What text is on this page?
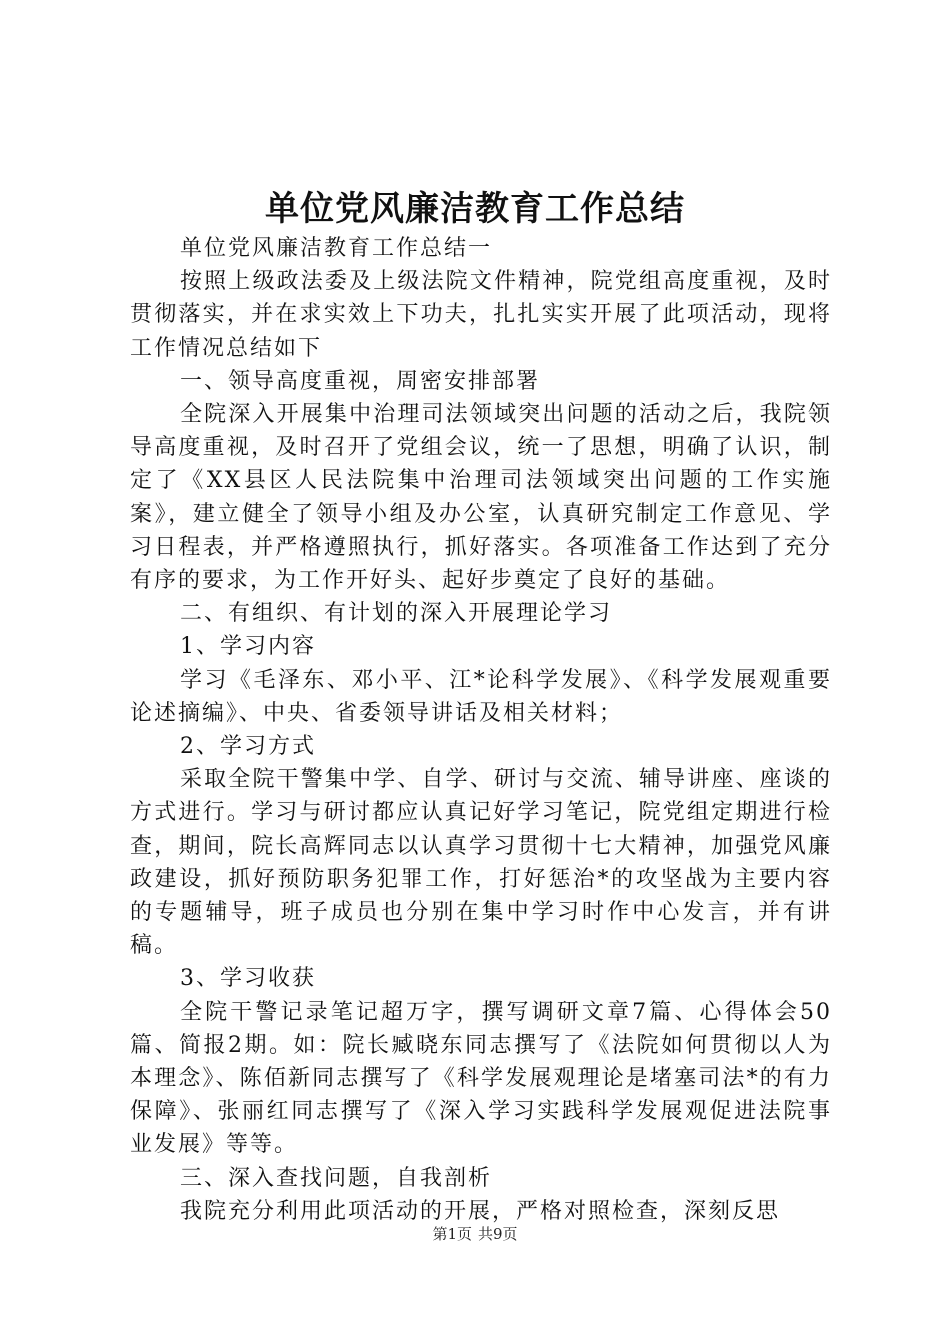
单位党风廉洁教育工作总结

单位党风廉洁教育工作总结一

按照上级政法委及上级法院文件精神，院党组高度重视，及时贯彻落实，并在求实效上下功夫，扎扎实实开展了此项活动，现将工作情况总结如下

一、领导高度重视，周密安排部署

全院深入开展集中治理司法领域突出问题的活动之后，我院领导高度重视，及时召开了党组会议，统一了思想，明确了认识，制定了《XX县区人民法院集中治理司法领域突出问题的工作实施案》，建立健全了领导小组及办公室，认真研究制定工作意见、学习日程表，并严格遵照执行，抓好落实。各项准备工作达到了充分有序的要求，为工作开好头、起好步奠定了良好的基础。

二、有组织、有计划的深入开展理论学习

1、学习内容

学习《毛泽东、邓小平、江*论科学发展》、《科学发展观重要论述摘编》、中央、省委领导讲话及相关材料；

2、学习方式

采取全院干警集中学、自学、研讨与交流、辅导讲座、座谈的方式进行。学习与研讨都应认真记好学习笔记，院党组定期进行检查，期间，院长高辉同志以认真学习贯彻十七大精神，加强党风廉政建设，抓好预防职务犯罪工作，打好惩治*的攻坚战为主要内容的专题辅导，班子成员也分别在集中学习时作中心发言，并有讲稿。

3、学习收获

全院干警记录笔记超万字，撰写调研文章7篇、心得体会50篇、简报2期。如：院长臧晓东同志撰写了《法院如何贯彻以人为本理念》、陈佰新同志撰写了《科学发展观理论是堵塞司法*的有力保障》、张丽红同志撰写了《深入学习实践科学发展观促进法院事业发展》等等。

三、深入查找问题，自我剖析

我院充分利用此项活动的开展，严格对照检查，深刻反思

第1页 共9页
